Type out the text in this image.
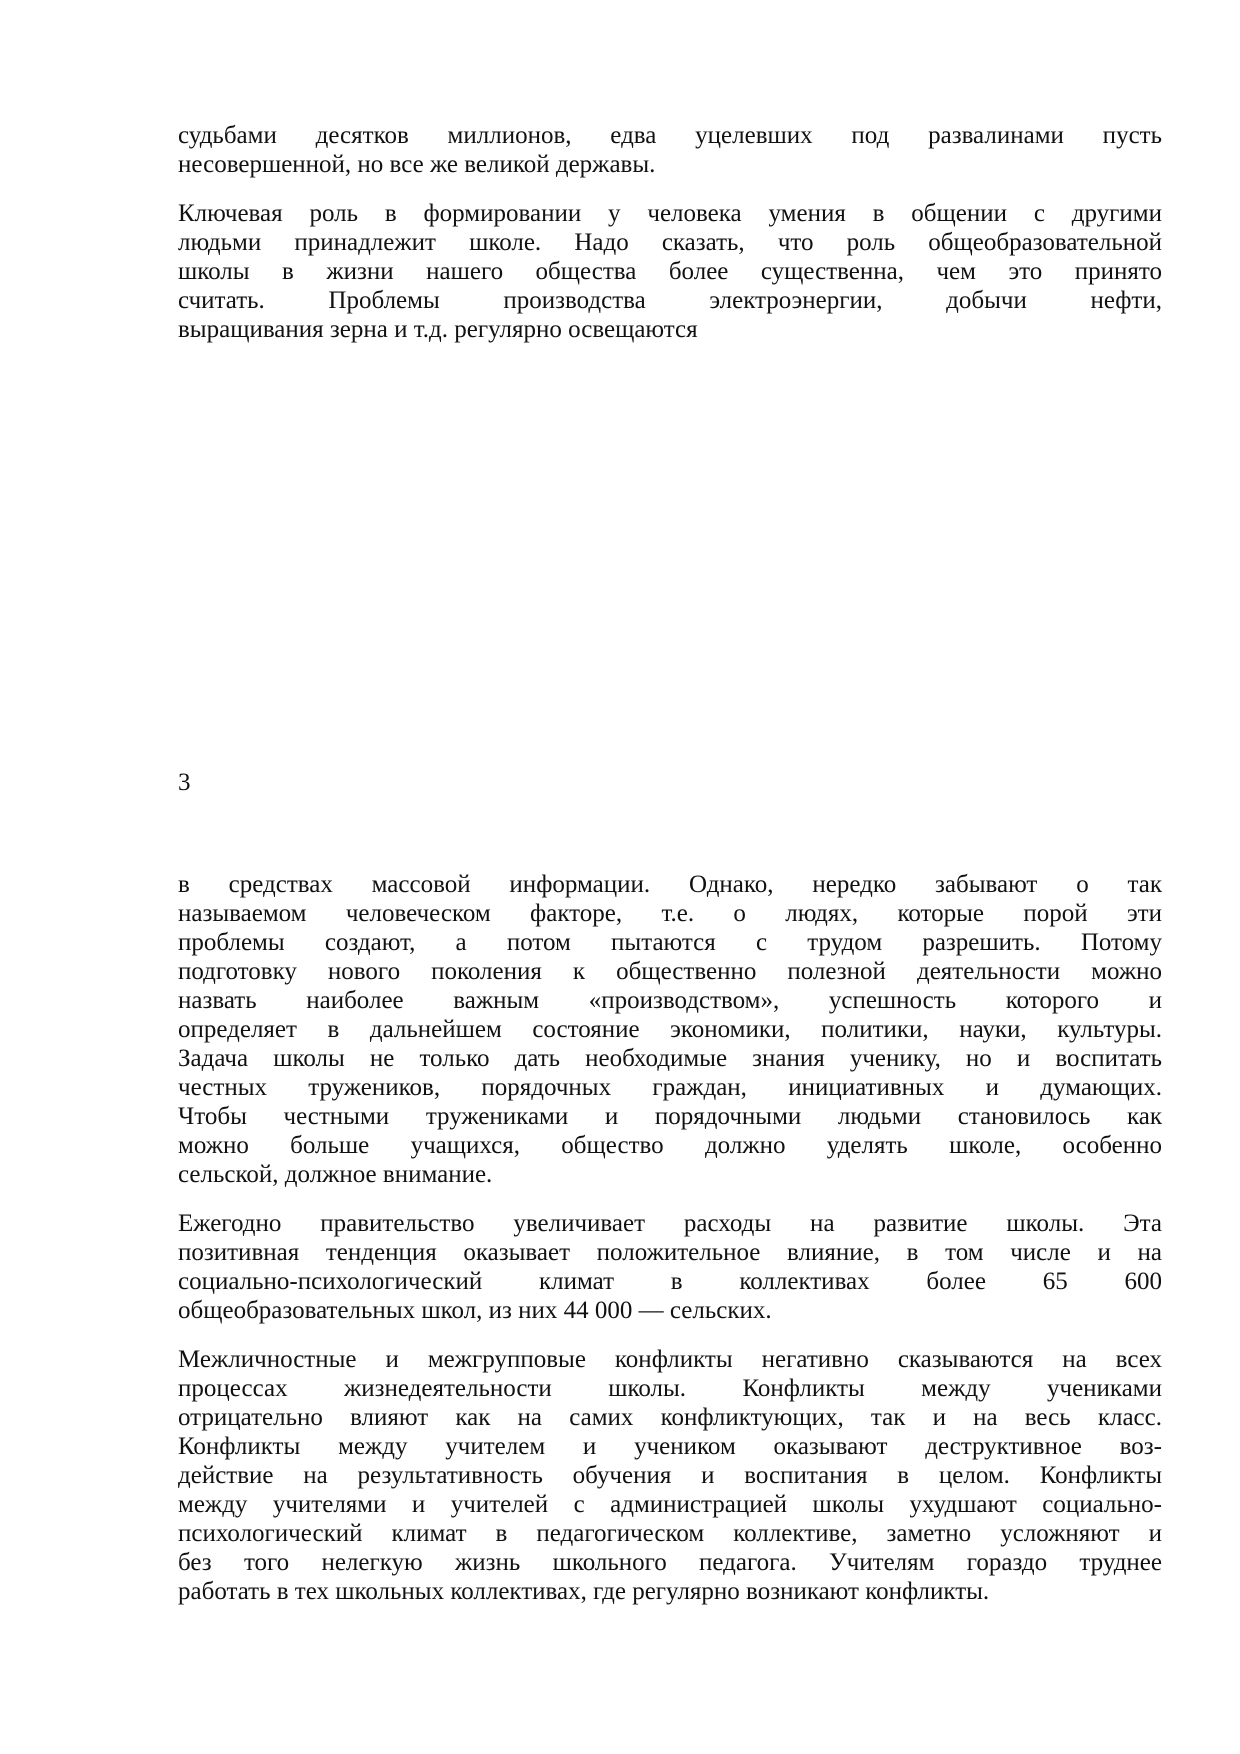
судьбами десятков миллионов, едва уцелевших под развалинами пусть
несовершенной, но все же великой державы.
Ключевая роль в формировании у человека умения в общении с другими
людьми принадлежит школе. Надо сказать, что роль общеобразовательной
школы в жизни нашего общества более существенна, чем это принято
считать. Проблемы производства электроэнергии, добычи нефти,
выращивания зерна и т.д. регулярно освещаются
3
в средствах массовой информации. Однако, нередко забывают о так
называемом человеческом факторе, т.е. о людях, которые порой эти
проблемы создают, а потом пытаются с трудом разрешить. Потому
подготовку нового поколения к общественно полезной деятельности можно
назвать наиболее важным «производством», успешность которого и
определяет в дальнейшем состояние экономики, политики, науки, культуры.
Задача школы не только дать необходимые знания ученику, но и воспитать
честных тружеников, порядочных граждан, инициативных и думающих.
Чтобы честными тружениками и порядочными людьми становилось как
можно больше учащихся, общество должно уделять школе, особенно
сельской, должное внимание.
Ежегодно правительство увеличивает расходы на развитие школы. Эта
позитивная тенденция оказывает положительное влияние, в том числе и на
социально-психологический климат в коллективах более 65 600
общеобразовательных школ, из них 44 000 — сельских.
Межличностные и межгрупповые конфликты негативно сказываются на всех
процессах жизнедеятельности школы. Конфликты между учениками
отрицательно влияют как на самих конфликтующих, так и на весь класс.
Конфликты между учителем и учеником оказывают деструктивное воз-
действие на результативность обучения и воспитания в целом. Конфликты
между учителями и учителей с администрацией школы ухудшают социально-
психологический климат в педагогическом коллективе, заметно усложняют и
без того нелегкую жизнь школьного педагога. Учителям гораздо труднее
работать в тех школьных коллективах, где регулярно возникают конфликты.
